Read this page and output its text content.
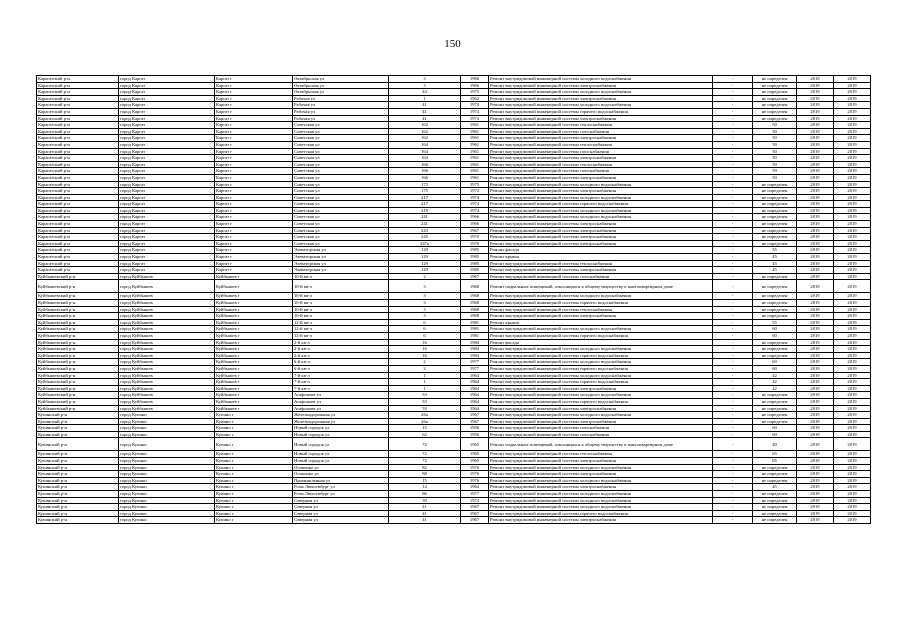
150
Карагатский р-н	город Каргат	Каргат г	Октябрьская ул	3	1966	Ремонт внутридомовой инженерной системы холодного водоснабжения	-	не определен	2019	2019
Карагатский р-н	город Каргат	Каргат г	Октябрьская ул	3	1966	Ремонт внутридомовой инженерной системы электроснабжения	-	не определен	2019	2019
Карагатский р-н	город Каргат	Каргат г	Октябрьская ул	44	1975	Ремонт внутридомовой инженерной системы холодного водоснабжения	-	не определен	2019	2019
Карагатский р-н	город Каргат	Каргат г	Рабочая ул	1	1962	Ремонт внутридомовой инженерной системы электроснабжения	-	не определен	2019	2019
Карагатский р-н	город Каргат	Каргат г	Рабочая ул	41	1974	Ремонт внутридомовой инженерной системы холодного водоснабжения	-	не определен	2019	2019
Карагатский р-н	город Каргат	Каргат г	Рабочая ул	41	1974	Ремонт внутридомовой инженерной системы горячего водоснабжения	-	не определен	2019	2019
Карагатский р-н	город Каргат	Каргат г	Рабочая ул	41	1974	Ремонт внутридомовой инженерной системы электроснабжения	-	не определен	2019	2019
Карагатский р-н	город Каргат	Каргат г	Советская ул	162	1961	Ремонт внутридомовой инженерной системы теплоснабжения	-	50	2019	2019
Карагатский р-н	город Каргат	Каргат г	Советская ул	162	1961	Ремонт внутридомовой инженерной системы газоснабжения	-	50	2019	2019
Карагатский р-н	город Каргат	Каргат г	Советская ул	162	1961	Ремонт внутридомовой инженерной системы электроснабжения	-	50	2019	2019
Карагатский р-н	город Каргат	Каргат г	Советская ул	164	1961	Ремонт внутридомовой инженерной системы теплоснабжения	-	59	2019	2019
Карагатский р-н	город Каргат	Каргат г	Советская ул	164	1961	Ремонт внутридомовой инженерной системы газоснабжения	-	50	2019	2019
Карагатский р-н	город Каргат	Каргат г	Советская ул	164	1961	Ремонт внутридомовой инженерной системы электроснабжения	-	50	2019	2019
Карагатский р-н	город Каргат	Каргат г	Советская ул	166	1961	Ремонт внутридомовой инженерной системы теплоснабжения	-	50	2019	2019
Карагатский р-н	город Каргат	Каргат г	Советская ул	166	1961	Ремонт внутридомовой инженерной системы газоснабжения	-	59	2019	2019
Карагатский р-н	город Каргат	Каргат г	Советская ул	166	1961	Ремонт внутридомовой инженерной системы электроснабжения	-	50	2019	2019
Карагатский р-н	город Каргат	Каргат г	Советская ул	173	1975	Ремонт внутридомовой инженерной системы холодного водоснабжения	-	не определен	2019	2019
Карагатский р-н	город Каргат	Каргат г	Советская ул	175	1972	Ремонт внутридомовой инженерной системы электроснабжения	-	не определен	2019	2019
Карагатский р-н	город Каргат	Каргат г	Советская ул	217	1974	Ремонт внутридомовой инженерной системы холодного водоснабжения	-	не определен	2019	2019
Карагатский р-н	город Каргат	Каргат г	Советская ул	217	1974	Ремонт внутридомовой инженерной системы горячего водоснабжения	-	не определен	2019	2019
Карагатский р-н	город Каргат	Каргат г	Советская ул	219	1974	Ремонт внутридомовой инженерной системы холодного водоснабжения	-	не определен	2019	2019
Карагатский р-н	город Каргат	Каргат г	Советская ул	241	1966	Ремонт внутридомовой инженерной системы холодного водоснабжения	-	не определен	2019	2019
Карагатский р-н	город Каргат	Каргат г	Советская ул	241	1966	Ремонт внутридомовой инженерной системы электроснабжения	-	не определен	2019	2019
Карагатский р-н	город Каргат	Каргат г	Советская ул	243	1967	Ремонт внутридомовой инженерной системы электроснабжения	-	не определен	2019	2019
Карагатский р-н	город Каргат	Каргат г	Советская ул	245	1970	Ремонт внутридомовой инженерной системы электроснабжения	-	не определен	2019	2019
Карагатский р-н	город Каргат	Каргат г	Советская ул	247а	1970	Ремонт внутридомовой инженерной системы электроснабжения	-	не определен	2019	2019
Карагатский р-н	город Каргат	Каргат г	Элеваторская ул	129	1985	Ремонт фасада	-	55	2019	2019
Карагатский р-н	город Каргат	Каргат г	Элеваторская ул	129	1985	Ремонт крыши	-	45	2019	2019
Карагатский р-н	город Каргат	Каргат г	Элеваторская ул	129	1985	Ремонт внутридомовой инженерной системы теплоснабжения	-	45	2019	2019
Карагатский р-н	город Каргат	Каргат г	Элеваторская ул	129	1985	Ремонт внутридомовой инженерной системы электроснабжения	-	45	2019	2019
Куйбышевский р-н	город Куйбышев	Куйбышев г	10-й кв-л	2	1967	Ремонт внутридомовой инженерной системы газоснабжения	-	не определен	2019	2019
Куйбышевский р-н	город Куйбышев	Куйбышев г	10-й кв-л	3	1968	Ремонт подвальных помещений, относящихся к общему имуществу в многоквартирном доме	-	не определен	2019	2019
Куйбышевский р-н	город Куйбышев	Куйбышев г	10-й кв-л	3	1968	Ремонт внутридомовой инженерной системы холодного водоснабжения	-	не определен	2019	2019
Куйбышевский р-н	город Куйбышев	Куйбышев г	10-й кв-л	3	1968	Ремонт внутридомовой инженерной системы горячего водоснабжения	-	не определен	2019	2019
Куйбышевский р-н	город Куйбышев	Куйбышев г	10-й кв-л	3	1968	Ремонт внутридомовой инженерной системы теплоснабжения	-	не определен	2019	2019
Куйбышевский р-н	город Куйбышев	Куйбышев г	10-й кв-л	3	1968	Ремонт внутридомовой инженерной системы электроснабжения	-	не определен	2019	2019
Куйбышевский р-н	город Куйбышев	Куйбышев г	12-й кв-л	6	1981	Ремонт крыши	-	55	2019	2019
Куйбышевский р-н	город Куйбышев	Куйбышев г	12-й кв-л	6	1981	Ремонт внутридомовой инженерной системы холодного водоснабжения	-	60	2019	2019
Куйбышевский р-н	город Куйбышев	Куйбышев г	12-й кв-л	6	1981	Ремонт внутридомовой инженерной системы горячего водоснабжения	-	60	2019	2019
Куйбышевский р-н	город Куйбышев	Куйбышев г	2-й кв-л	16	1984	Ремонт фасада	-	не определен	2019	2019
Куйбышевский р-н	город Куйбышев	Куйбышев г	2-й кв-л	16	1984	Ремонт внутридомовой инженерной системы холодного водоснабжения	-	не определен	2019	2019
Куйбышевский р-н	город Куйбышев	Куйбышев г	2-й кв-л	16	1984	Ремонт внутридомовой инженерной системы горячего водоснабжения	-	не определен	2019	2019
Куйбышевский р-н	город Куйбышев	Куйбышев г	6-й кв-л	2	1977	Ремонт внутридомовой инженерной системы холодного водоснабжения	-	60	2019	2019
Куйбышевский р-н	город Куйбышев	Куйбышев г	6-й кв-л	2	1977	Ремонт внутридомовой инженерной системы горячего водоснабжения	-	60	2019	2019
Куйбышевский р-н	город Куйбышев	Куйбышев г	7-й кв-л	1	1964	Ремонт внутридомовой инженерной системы холодного водоснабжения	-	42	2019	2019
Куйбышевский р-н	город Куйбышев	Куйбышев г	7-й кв-л	1	1964	Ремонт внутридомовой инженерной системы горячего водоснабжения	-	42	2019	2019
Куйбышевский р-н	город Куйбышев	Куйбышев г	7-й кв-л	1	1964	Ремонт внутридомовой инженерной системы электроснабжения	-	42	2019	2019
Куйбышевский р-н	город Куйбышев	Куйбышев г	Агафонова ул	53	1964	Ремонт внутридомовой инженерной системы холодного водоснабжения	-	не определен	2019	2019
Куйбышевский р-н	город Куйбышев	Куйбышев г	Агафонова ул	53	1964	Ремонт внутридомовой инженерной системы горячего водоснабжения	-	не определен	2019	2019
Куйбышевский р-н	город Куйбышев	Куйбышев г	Агафонова ул	53	1964	Ремонт внутридомовой инженерной системы электроснабжения	-	не определен	2019	2019
Купинский р-н	город Купино	Купино г	Железнодорожная ул	26а	1967	Ремонт внутридомовой инженерной системы холодного водоснабжения	-	не определен	2019	2019
Купинский р-н	город Купино	Купино г	Железнодорожная ул	26а	1967	Ремонт внутридомовой инженерной системы электроснабжения	-	не определен	2019	2019
Купинский р-н	город Купино	Купино г	Новый городок ул	15	1956	Ремонт внутридомовой инженерной системы газоснабжения	-	60	2019	2019
Купинский р-н	город Купино	Купино г	Новый городок ул	62	1956	Ремонт внутридомовой инженерной системы газоснабжения	-	60	2019	2019
Купинский р-н	город Купино	Купино г	Новый городок ул	72	1965	Ремонт подвальных помещений, относящихся к общему имуществу в многоквартирном доме	-	40	2019	2019
Купинский р-н	город Купино	Купино г	Новый городок ул	72	1965	Ремонт внутридомовой инженерной системы теплоснабжения	-	65	2019	2019
Купинский р-н	город Купино	Купино г	Новый городок ул	72	1965	Ремонт внутридомовой инженерной системы электроснабжения	-	65	2019	2019
Купинский р-н	город Купино	Купино г	Осипенко ул	82	1976	Ремонт внутридомовой инженерной системы холодного водоснабжения	-	не определен	2019	2019
Купинский р-н	город Купино	Купино г	Осипенко ул	88	1976	Ремонт внутридомовой инженерной системы электроснабжения	-	не определен	2019	2019
Купинский р-н	город Купино	Купино г	Промышленная ул	15	1976	Ремонт внутридомовой инженерной системы холодного водоснабжения	-	не определен	2019	2019
Купинский р-н	город Купино	Купино г	Розы Люксембург ул	14	1964	Ремонт внутридомовой инженерной системы электроснабжения	-	45	2019	2019
Купинский р-н	город Купино	Купино г	Розы Люксембург ул	86	1977	Ремонт внутридомовой инженерной системы холодного водоснабжения	-	не определен	2019	2019
Купинский р-н	город Купино	Купино г	Северная ул	39	1974	Ремонт внутридомовой инженерной системы холодного водоснабжения	-	не определен	2019	2019
Купинский р-н	город Купино	Купино г	Северная ул	41	1967	Ремонт внутридомовой инженерной системы холодного водоснабжения	-	не определен	2019	2019
Купинский р-н	город Купино	Купино г	Северная ул	41	1967	Ремонт внутридомовой инженерной системы горячего водоснабжения	-	не определен	2019	2019
Купинский р-н	город Купино	Купино г	Северная ул	41	1967	Ремонт внутридомовой инженерной системы электроснабжения	-	не определен	2019	2019
